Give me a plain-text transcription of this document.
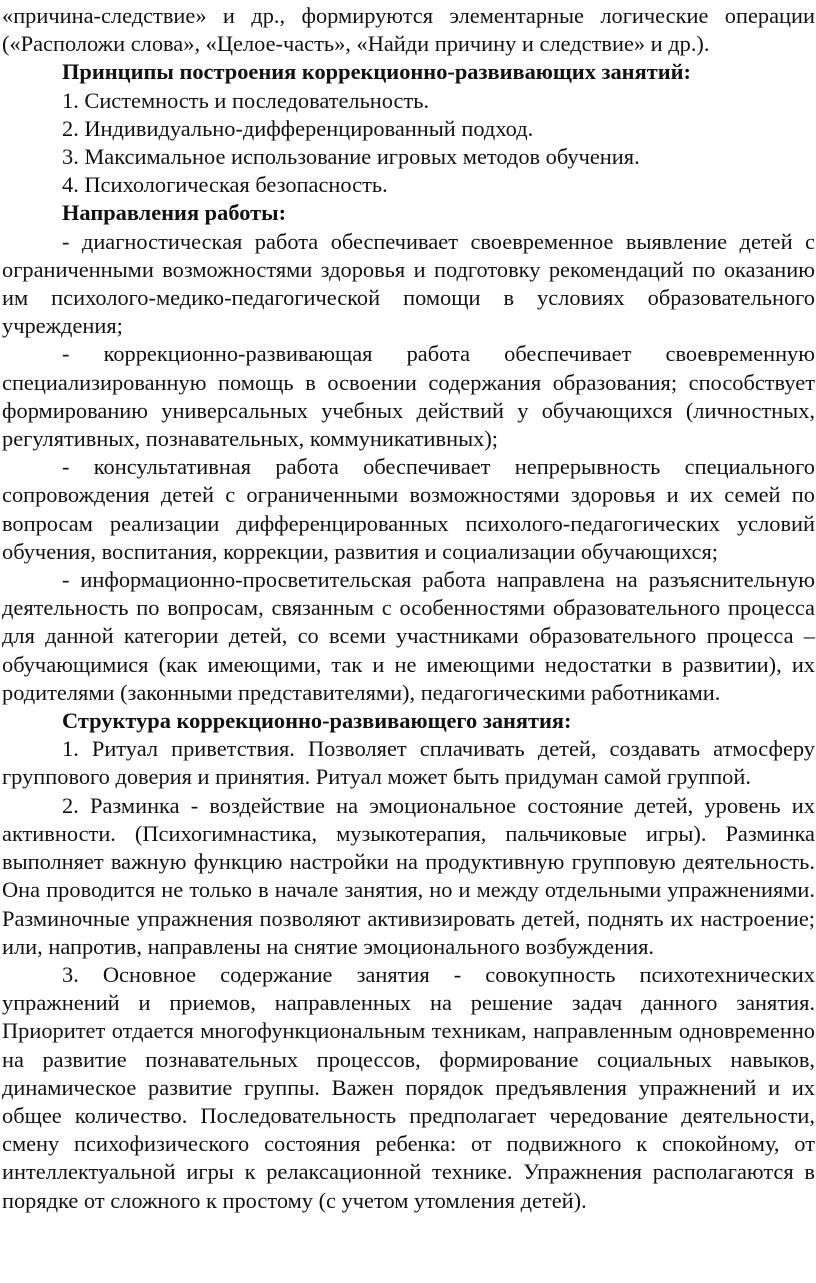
«причина-следствие» и др., формируются элементарные логические операции («Расположи слова», «Целое-часть», «Найди причину и следствие» и др.).

Принципы построения коррекционно-развивающих занятий:

1. Системность и последовательность.

2. Индивидуально-дифференцированный подход.

3. Максимальное использование игровых методов обучения.

4. Психологическая безопасность.

Направления работы:

- диагностическая работа обеспечивает своевременное выявление детей с ограниченными возможностями здоровья и подготовку рекомендаций по оказанию им психолого-медико-педагогической помощи в условиях образовательного учреждения;

- коррекционно-развивающая работа обеспечивает своевременную специализированную помощь в освоении содержания образования; способствует формированию универсальных учебных действий у обучающихся (личностных, регулятивных, познавательных, коммуникативных);

- консультативная работа обеспечивает непрерывность специального сопровождения детей с ограниченными возможностями здоровья и их семей по вопросам реализации дифференцированных психолого-педагогических условий обучения, воспитания, коррекции, развития и социализации обучающихся;

- информационно-просветительская работа направлена на разъяснительную деятельность по вопросам, связанным с особенностями образовательного процесса для данной категории детей, со всеми участниками образовательного процесса – обучающимися (как имеющими, так и не имеющими недостатки в развитии), их родителями (законными представителями), педагогическими работниками.

Структура коррекционно-развивающего занятия:

1. Ритуал приветствия. Позволяет сплачивать детей, создавать атмосферу группового доверия и принятия. Ритуал может быть придуман самой группой.

2. Разминка - воздействие на эмоциональное состояние детей, уровень их активности. (Психогимнастика, музыкотерапия, пальчиковые игры). Разминка выполняет важную функцию настройки на продуктивную групповую деятельность. Она проводится не только в начале занятия, но и между отдельными упражнениями. Разминочные упражнения позволяют активизировать детей, поднять их настроение; или, напротив, направлены на снятие эмоционального возбуждения.

3. Основное содержание занятия - совокупность психотехнических упражнений и приемов, направленных на решение задач данного занятия. Приоритет отдается многофункциональным техникам, направленным одновременно на развитие познавательных процессов, формирование социальных навыков, динамическое развитие группы. Важен порядок предъявления упражнений и их общее количество. Последовательность предполагает чередование деятельности, смену психофизического состояния ребенка: от подвижного к спокойному, от интеллектуальной игры к релаксационной технике. Упражнения располагаются в порядке от сложного к простому (с учетом утомления детей).
